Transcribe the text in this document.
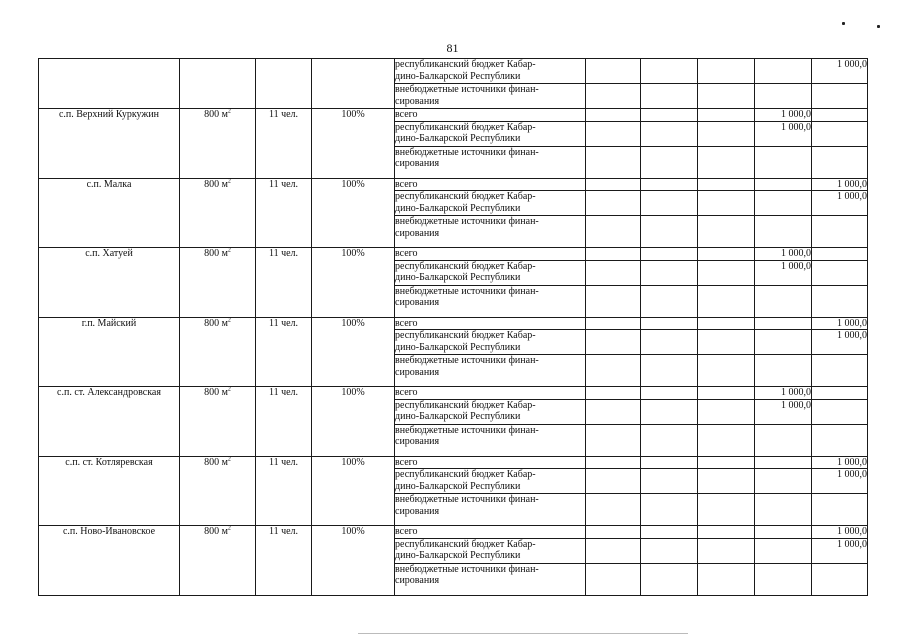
81
				республиканский бюджет Кабар-
дино-Балкарской Республики					1 000,0
				внебюджетные источники финан-
сирования					
с.п. Верхний Куркужин	800 $м^2$	11 чел.	100%	всего				1 000,0	
				республиканский бюджет Кабар-
дино-Балкарской Республики				1 000,0	
				внебюджетные источники финан-
сирования					
с.п. Малка	800 $м^2$	11 чел.	100%	всего					1 000,0
				республиканский бюджет Кабар-
дино-Балкарской Республики					1 000,0
				внебюджетные источники финан-
сирования					
с.п. Хатуей	800 $м^2$	11 чел.	100%	всего				1 000,0	
				республиканский бюджет Кабар-
дино-Балкарской Республики				1 000,0	
				внебюджетные источники финан-
сирования					
г.п. Майский	800 $м^2$	11 чел.	100%	всего					1 000,0
				республиканский бюджет Кабар-
дино-Балкарской Республики					1 000,0
				внебюджетные источники финан-
сирования					
с.п. ст. Александровская	800 $м^2$	11 чел.	100%	всего				1 000,0	
				республиканский бюджет Кабар-
дино-Балкарской Республики				1 000,0	
				внебюджетные источники финан-
сирования					
с.п. ст. Котляревская	800 $м^2$	11 чел.	100%	всего					1 000,0
				республиканский бюджет Кабар-
дино-Балкарской Республики					1 000,0
				внебюджетные источники финан-
сирования					
с.п. Ново-Ивановское	800 $м^2$	11 чел.	100%	всего					1 000,0
				республиканский бюджет Кабар-
дино-Балкарской Республики					1 000,0
				внебюджетные источники финан-
сирования					
